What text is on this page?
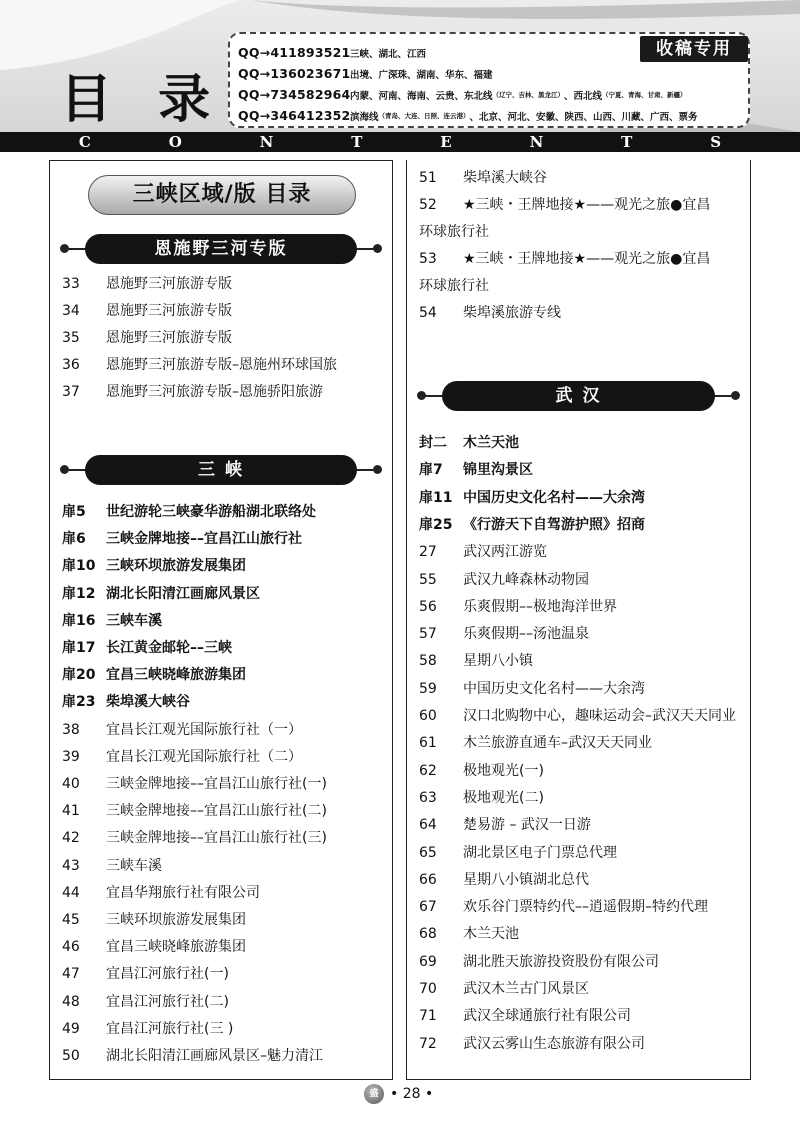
目 录
QQ→411893521 三峡、湖北、江西
QQ→136023671 出境、广深珠、湖南、华东、福建
QQ→734582964 内蒙、河南、海南、云贵、东北线 （辽宁、吉林、黑龙江） 、西北线 （宁夏、青海、甘肃、新疆）
QQ→346412352 滨海线 （青岛、大连、日照、连云港） 、北京、河北、安徽、陕西、山西、川藏、广西、票务
收稿专用
C	O	N	T	E	N	T	S
三峡区域/版 目录
恩施野三河专版
33 恩施野三河旅游专版
34 恩施野三河旅游专版
35 恩施野三河旅游专版
36 恩施野三河旅游专版–恩施州环球国旅
37 恩施野三河旅游专版–恩施骄阳旅游
三 峡
扉5 世纪游轮三峡豪华游船湖北联络处
扉6 三峡金牌地接––宜昌江山旅行社
扉10 三峡环坝旅游发展集团
扉12 湖北长阳清江画廊风景区
扉16 三峡车溪
扉17 长江黄金邮轮––三峡
扉20 宜昌三峡晓峰旅游集团
扉23 柴埠溪大峡谷
38 宜昌长江观光国际旅行社（一）
39 宜昌长江观光国际旅行社（二）
40 三峡金牌地接––宜昌江山旅行社(一)
41 三峡金牌地接––宜昌江山旅行社(二)
42 三峡金牌地接––宜昌江山旅行社(三)
43 三峡车溪
44 宜昌华翔旅行社有限公司
45 三峡环坝旅游发展集团
46 宜昌三峡晓峰旅游集团
47 宜昌江河旅行社(一)
48 宜昌江河旅行社(二)
49 宜昌江河旅行社(三 )
50 湖北长阳清江画廊风景区–魅力清江
51 柴埠溪大峡谷
52 ★三峡・王牌地接★——观光之旅●宜昌
环球旅行社
53 ★三峡・王牌地接★——观光之旅●宜昌
环球旅行社
54 柴埠溪旅游专线
武 汉
封二 木兰天池
扉7 锦里沟景区
扉11 中国历史文化名村——大余湾
扉25 《行游天下自驾游护照》招商
27 武汉两江游览
55 武汉九峰森林动物园
56 乐爽假期––极地海洋世界
57 乐爽假期––汤池温泉
58 星期八小镇
59 中国历史文化名村——大余湾
60 汉口北购物中心，趣味运动会–武汉天天同业
61 木兰旅游直通车–武汉天天同业
62 极地观光(一)
63 极地观光(二)
64 楚易游 – 武汉一日游
65 湖北景区电子门票总代理
66 星期八小镇湖北总代
67 欢乐谷门票特约代––逍遥假期–特约代理
68 木兰天池
69 湖北胜天旅游投资股份有限公司
70 武汉木兰古门风景区
71 武汉全球通旅行社有限公司
72 武汉云雾山生态旅游有限公司
盛 • 28 •
